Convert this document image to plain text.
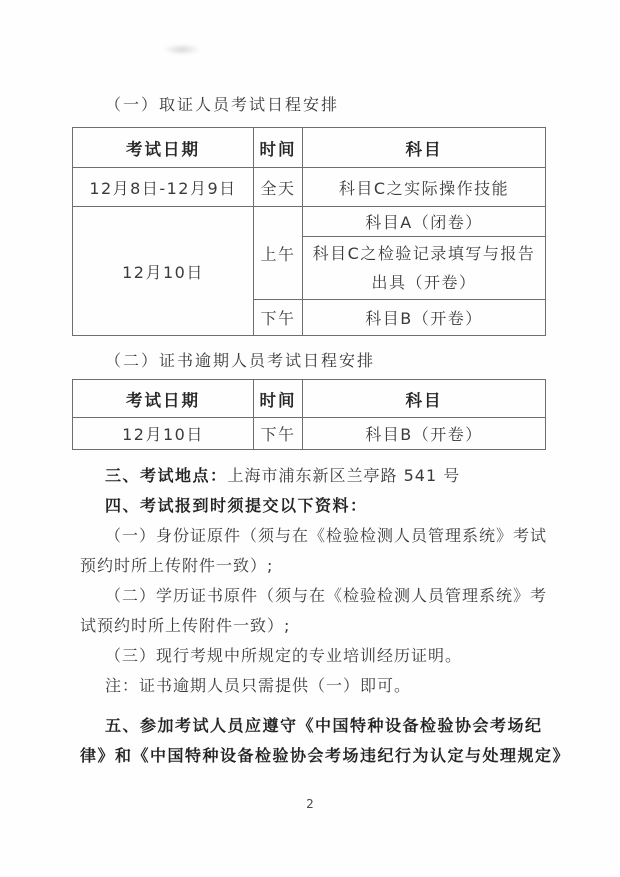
（一）取证人员考试日程安排
考试日期	时间	科目
12月8日-12月9日	全天	科目C之实际操作技能
12月10日	上午	科目A（闭卷）

		科目C之检验记录填写与报告
出具（开卷）

	下午	科目B（开卷）
（二）证书逾期人员考试日程安排
考试日期	时间	科目
12月10日	下午	科目B（开卷）
三、考试地点：上海市浦东新区兰亭路 541 号
四、考试报到时须提交以下资料：
（一）身份证原件（须与在《检验检测人员管理系统》考试
预约时所上传附件一致）;
（二）学历证书原件（须与在《检验检测人员管理系统》考
试预约时所上传附件一致）;
（三）现行考规中所规定的专业培训经历证明。
注：证书逾期人员只需提供（一）即可。
五、参加考试人员应遵守《中国特种设备检验协会考场纪
律》和《中国特种设备检验协会考场违纪行为认定与处理规定》
2
